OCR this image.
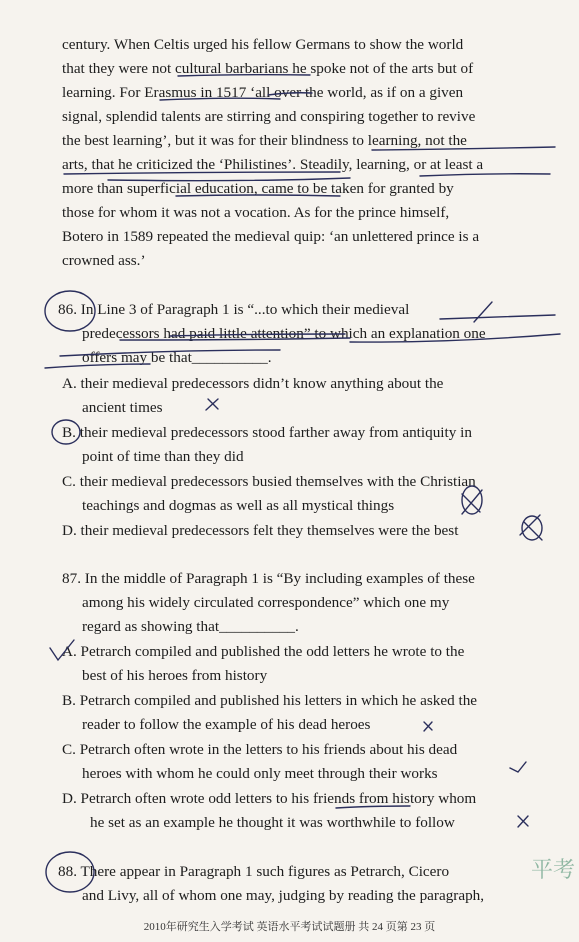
century. When Celtis urged his fellow Germans to show the world
that they were not cultural barbarians he spoke not of the arts but of
learning. For Erasmus in 1517 ‘all over the world, as if on a given
signal, splendid talents are stirring and conspiring together to revive
the best learning’, but it was for their blindness to learning, not the
arts, that he criticized the ‘Philistines’. Steadily, learning, or at least a
more than superficial education, came to be taken for granted by
those for whom it was not a vocation. As for the prince himself,
Botero in 1589 repeated the medieval quip: ‘an unlettered prince is a
crowned ass.’
86. In Line 3 of Paragraph 1 is “...to which their medieval
predecessors had paid little attention” to which an explanation one
offers may be that__________.
A. their medieval predecessors didn’t know anything about the
ancient times
B. their medieval predecessors stood farther away from antiquity in
point of time than they did
C. their medieval predecessors busied themselves with the Christian
teachings and dogmas as well as all mystical things
D. their medieval predecessors felt they themselves were the best
87. In the middle of Paragraph 1 is “By including examples of these
among his widely circulated correspondence” which one my
regard as showing that__________.
A. Petrarch compiled and published the odd letters he wrote to the
best of his heroes from history
B. Petrarch compiled and published his letters in which he asked the
reader to follow the example of his dead heroes
C. Petrarch often wrote in the letters to his friends about his dead
heroes with whom he could only meet through their works
D. Petrarch often wrote odd letters to his friends from history whom
he set as an example he thought it was worthwhile to follow
88. There appear in Paragraph 1 such figures as Petrarch, Cicero
and Livy, all of whom one may, judging by reading the paragraph,
平考
2010年研究生入学考试 英语水平考试试题册 共 24 页第 23 页
